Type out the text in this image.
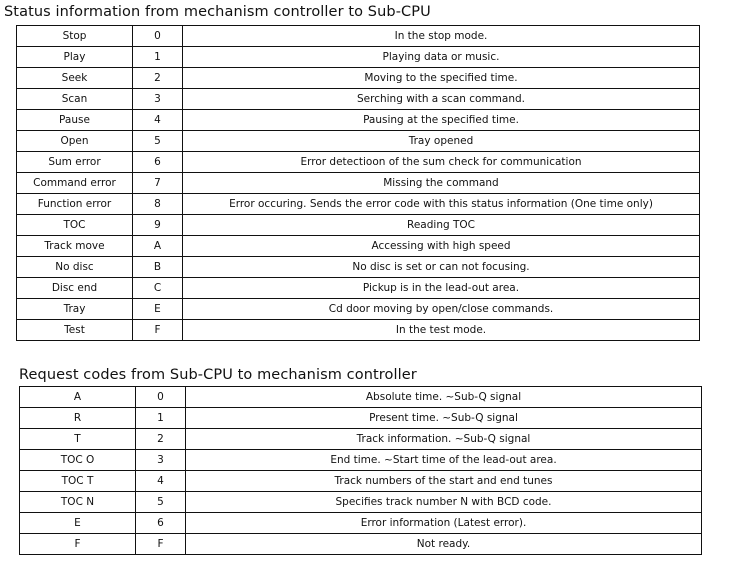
Status information from mechanism controller to Sub-CPU
Stop	0	In the stop mode.
Play	1	Playing data or music.
Seek	2	Moving to the specified time.
Scan	3	Serching with a scan command.
Pause	4	Pausing at the specified time.
Open	5	Tray opened
Sum error	6	Error detectioon of the sum check for communication
Command error	7	Missing the command
Function error	8	Error occuring. Sends the error code with this status information (One time only)
TOC	9	Reading TOC
Track move	A	Accessing with high speed
No disc	B	No disc is set or can not focusing.
Disc end	C	Pickup is in the lead-out area.
Tray	E	Cd door moving by open/close commands.
Test	F	In the test mode.
Request codes from Sub-CPU to mechanism controller
A	0	Absolute time. ~Sub-Q signal
R	1	Present time. ~Sub-Q signal
T	2	Track information. ~Sub-Q signal
TOC O	3	End time. ~Start time of the lead-out area.
TOC T	4	Track numbers of the start and end tunes
TOC N	5	Specifies track number N with BCD code.
E	6	Error information (Latest error).
F	F	Not ready.
